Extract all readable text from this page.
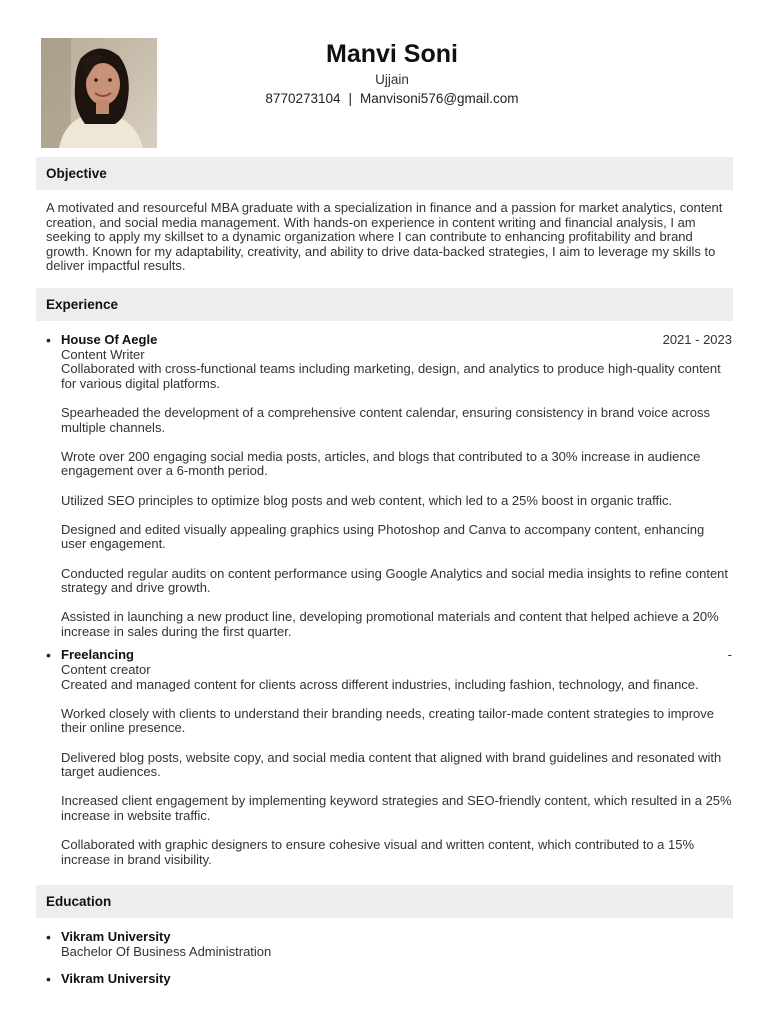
Manvi Soni
Ujjain
8770273104 | Manvisoni576@gmail.com
Objective
A motivated and resourceful MBA graduate with a specialization in finance and a passion for market analytics, content creation, and social media management. With hands-on experience in content writing and financial analysis, I am seeking to apply my skillset to a dynamic organization where I can contribute to enhancing profitability and brand growth. Known for my adaptability, creativity, and ability to drive data-backed strategies, I aim to leverage my skills to deliver impactful results.
Experience
• House Of Aegle	2021 - 2023
Content Writer

Collaborated with cross-functional teams including marketing, design, and analytics to produce high-quality content for various digital platforms.

Spearheaded the development of a comprehensive content calendar, ensuring consistency in brand voice across multiple channels.

Wrote over 200 engaging social media posts, articles, and blogs that contributed to a 30% increase in audience engagement over a 6-month period.

Utilized SEO principles to optimize blog posts and web content, which led to a 25% boost in organic traffic.

Designed and edited visually appealing graphics using Photoshop and Canva to accompany content, enhancing user engagement.

Conducted regular audits on content performance using Google Analytics and social media insights to refine content strategy and drive growth.

Assisted in launching a new product line, developing promotional materials and content that helped achieve a 20% increase in sales during the first quarter.

• Freelancing	-
Content creator

Created and managed content for clients across different industries, including fashion, technology, and finance.

Worked closely with clients to understand their branding needs, creating tailor-made content strategies to improve their online presence.

Delivered blog posts, website copy, and social media content that aligned with brand guidelines and resonated with target audiences.

Increased client engagement by implementing keyword strategies and SEO-friendly content, which resulted in a 25% increase in website traffic.

Collaborated with graphic designers to ensure cohesive visual and written content, which contributed to a 15% increase in brand visibility.

Education
• Vikram University
Bachelor Of Business Administration
• Vikram University
